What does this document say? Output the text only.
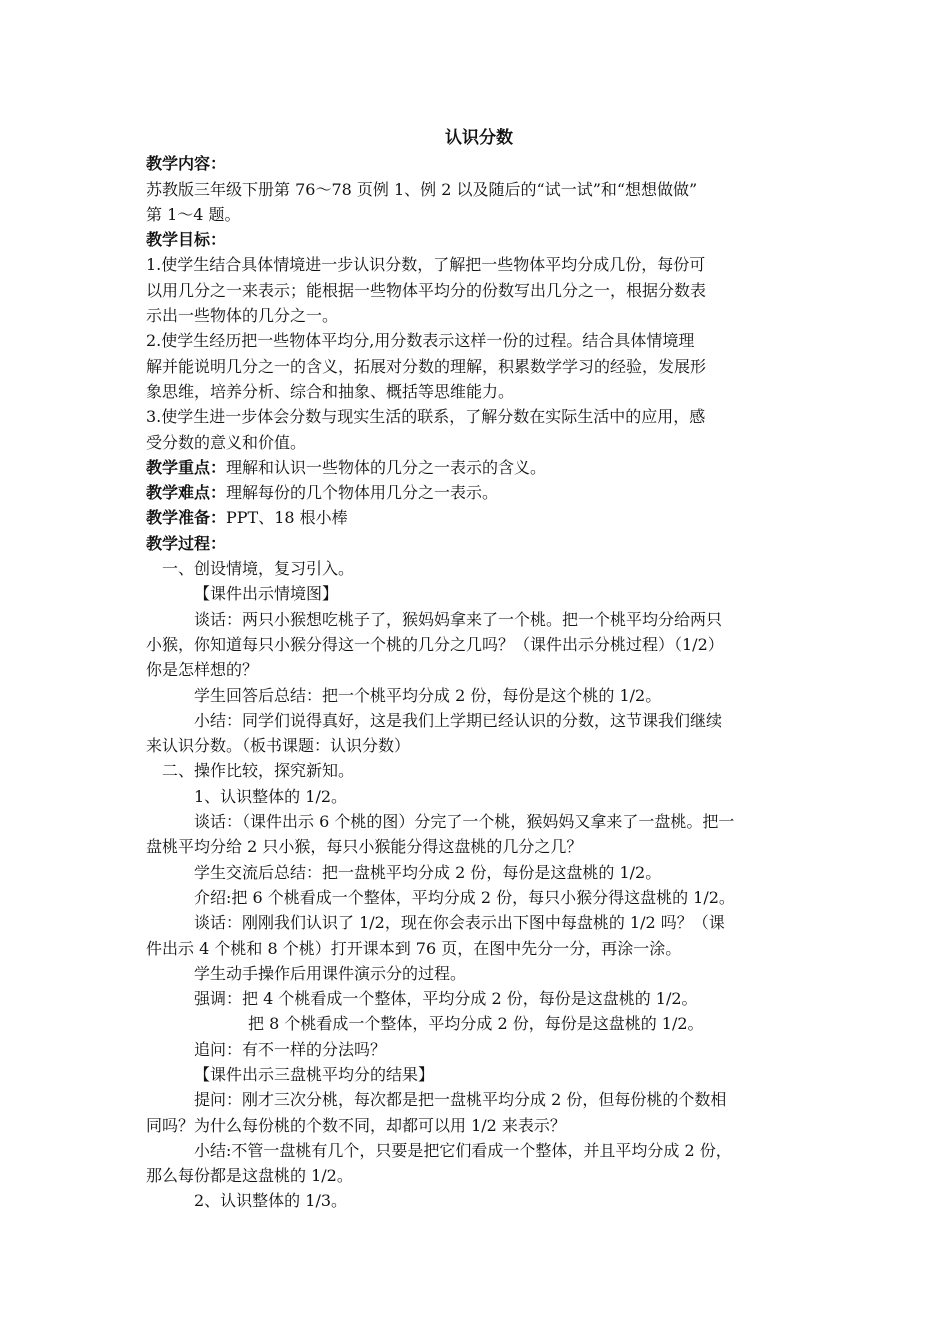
认识分数
教学内容：
苏教版三年级下册第 76～78 页例 1、例 2 以及随后的“试一试”和“想想做做”
第 1～4 题。
教学目标：
1.使学生结合具体情境进一步认识分数，了解把一些物体平均分成几份，每份可
以用几分之一来表示；能根据一些物体平均分的份数写出几分之一，根据分数表
示出一些物体的几分之一。
2.使学生经历把一些物体平均分,用分数表示这样一份的过程。结合具体情境理
解并能说明几分之一的含义，拓展对分数的理解，积累数学学习的经验，发展形
象思维，培养分析、综合和抽象、概括等思维能力。
3.使学生进一步体会分数与现实生活的联系，了解分数在实际生活中的应用，感
受分数的意义和价值。
教学重点：理解和认识一些物体的几分之一表示的含义。
教学难点：理解每份的几个物体用几分之一表示。
教学准备：PPT、18 根小棒
教学过程：
一、创设情境，复习引入。
【课件出示情境图】
谈话：两只小猴想吃桃子了，猴妈妈拿来了一个桃。把一个桃平均分给两只
小猴，你知道每只小猴分得这一个桃的几分之几吗？（课件出示分桃过程）（1/2）
你是怎样想的？
学生回答后总结：把一个桃平均分成 2 份，每份是这个桃的 1/2。
小结：同学们说得真好，这是我们上学期已经认识的分数，这节课我们继续
来认识分数。（板书课题：认识分数）
二、操作比较，探究新知。
1、认识整体的 1/2。
谈话：（课件出示 6 个桃的图）分完了一个桃，猴妈妈又拿来了一盘桃。把一
盘桃平均分给 2 只小猴，每只小猴能分得这盘桃的几分之几？
学生交流后总结：把一盘桃平均分成 2 份，每份是这盘桃的 1/2。
介绍:把 6 个桃看成一个整体，平均分成 2 份，每只小猴分得这盘桃的 1/2。
谈话：刚刚我们认识了 1/2，现在你会表示出下图中每盘桃的 1/2 吗？（课
件出示 4 个桃和 8 个桃）打开课本到 76 页，在图中先分一分，再涂一涂。
学生动手操作后用课件演示分的过程。
强调：把 4 个桃看成一个整体，平均分成 2 份，每份是这盘桃的 1/2。
把 8 个桃看成一个整体，平均分成 2 份，每份是这盘桃的 1/2。
追问：有不一样的分法吗？
【课件出示三盘桃平均分的结果】
提问：刚才三次分桃，每次都是把一盘桃平均分成 2 份，但每份桃的个数相
同吗？为什么每份桃的个数不同，却都可以用 1/2 来表示？
小结:不管一盘桃有几个，只要是把它们看成一个整体，并且平均分成 2 份，
那么每份都是这盘桃的 1/2。
2、认识整体的 1/3。
